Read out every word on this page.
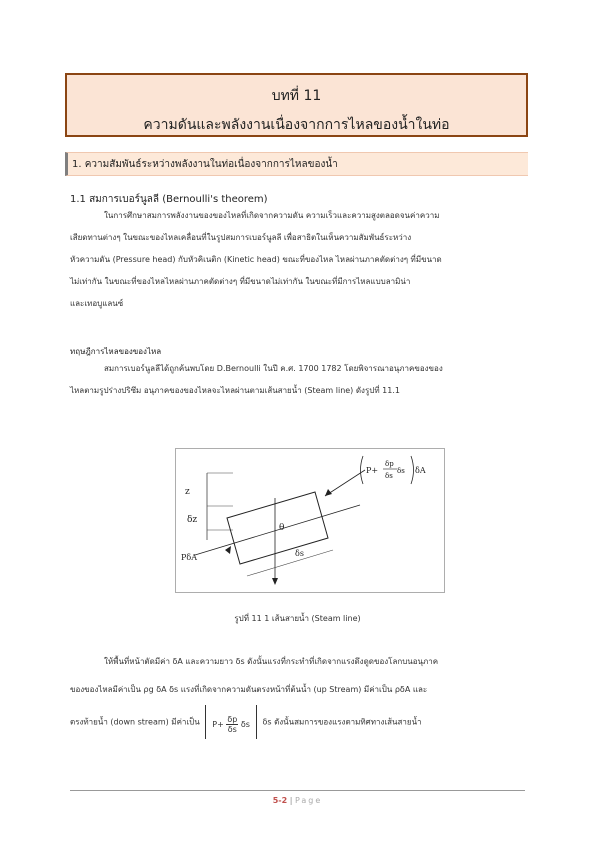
บทที่ 11
ความดันและพลังงานเนื่องจากการไหลของน้ำในท่อ
1. ความสัมพันธ์ระหว่างพลังงานในท่อเนื่องจากการไหลของน้ำ
1.1 สมการเบอร์นูลลี (Bernoulli's theorem)
ในการศึกษาสมการพลังงานของของไหลที่เกิดจากความดัน ความเร็วและความสูงตลอดจนค่าความ
เสียดทานต่างๆ ในขณะของไหลเคลื่อนที่ในรูปสมการเบอร์นูลลี เพื่อสาธิตในเห็นความสัมพันธ์ระหว่าง
หัวความดัน (Pressure head) กับหัวคิเนติก (Kinetic head) ขณะที่ของไหล ไหลผ่านภาคตัดต่างๆ ที่มีขนาด
ไม่เท่ากัน ในขณะที่ของไหลไหลผ่านภาคตัดต่างๆ ที่มีขนาดไม่เท่ากัน ในขณะที่มีการไหลแบบลามิน่า
และเทอบูแลนซ์
ทฤษฎีการไหลของของไหล
สมการเบอร์นูลลีได้ถูกค้นพบโดย D.Bernoulli ในปี ค.ศ. 1700 1782 โดยพิจารณาอนุภาคของของ
ไหลตามรูปร่างปริซึม อนุภาคของของไหลจะไหลผ่านตามเส้นสายน้ำ (Steam line) ดังรูปที่ 11.1
z
δz
θ
PδA
P+
δp
δs
δs δA
δs
รูปที่ 11 1 เส้นสายน้ำ (Steam line)
ให้พื้นที่หน้าตัดมีค่า δA และความยาว δs ดังนั้นแรงที่กระทำที่เกิดจากแรงดึงดูดของโลกบนอนุภาค
ของของไหลมีค่าเป็น ρg δA δs แรงที่เกิดจากความดันตรงหน้าที่ต้นน้ำ (up Stream) มีค่าเป็น ρδA และ
ตรงท้ายน้ำ (down stream) มีค่าเป็น $P+ \frac{\delta p}{\delta s}$ δs δs ดังนั้นสมการของแรงตามทิศทางเส้นสายน้ำ
5-2 | Page
